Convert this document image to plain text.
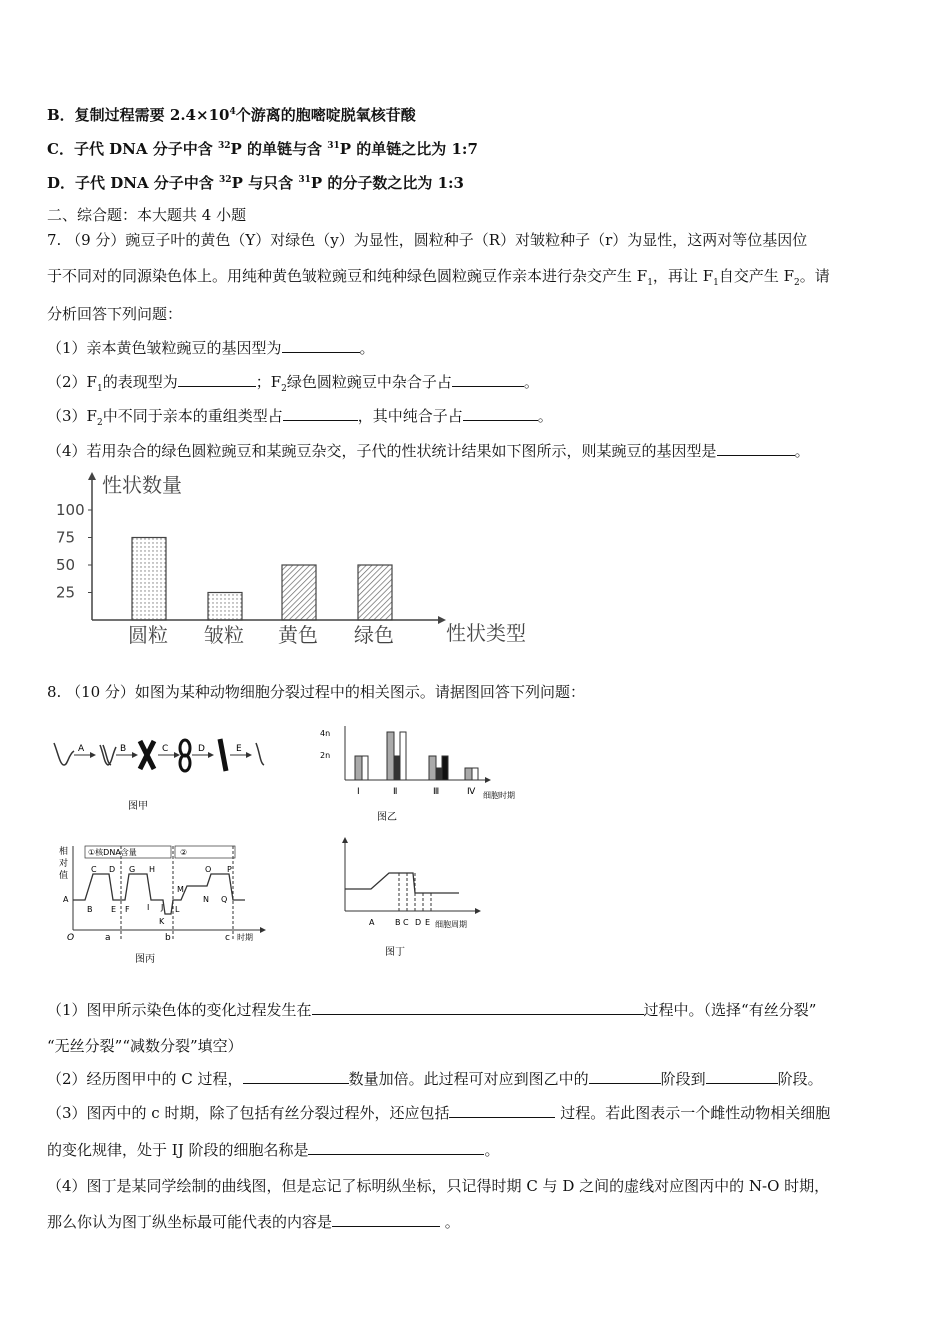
B．复制过程需要 $2.4\times 10^4$个游离的胞嘧啶脱氧核苷酸
C．子代 DNA 分子中含 $^{32}$P 的单链与含 $^{31}$P 的单链之比为 1:7
D．子代 DNA 分子中含 $^{32}$P 与只含 $^{31}$P 的分子数之比为 1:3
二、综合题：本大题共 4 小题
7. （9 分）豌豆子叶的黄色（Y）对绿色（y）为显性，圆粒种子（R）对皱粒种子（r）为显性，这两对等位基因位
于不同对的同源染色体上。用纯种黄色皱粒豌豆和纯种绿色圆粒豌豆作亲本进行杂交产生 $F_1$，再让 $F_1$自交产生 $F_2$。请
分析回答下列问题：
（1）亲本黄色皱粒豌豆的基因型为	。
$(2)F_1$的表现型为	；$F_2$绿色圆粒豌豆中杂合子占	。
$(3)F_2$中不同于亲本的重组类型占	，其中纯合子占	。
（4）若用杂合的绿色圆粒豌豆和某豌豆杂交，子代的性状统计结果如下图所示，则某豌豆的基因型是	。
性状数量
性状类型
100
75
50
25
圆粒 皱粒 黄色 绿色
8. （10 分）如图为某种动物细胞分裂过程中的相关图示。请据图回答下列问题：
A	B	C	D	E
图甲
4n
2n
Ⅰ	Ⅱ	Ⅲ	Ⅳ 细胞时期
图乙
相
对
值
①核DNA含量	②
A
B
C D
E F
G H
I J
K
L
M
N
O P
Q
O	a	b	c 时期
图丙
A	B C D E 细胞周期
图丁
（1）图甲所示染色体的变化过程发生在	过程中。（选择“有丝分裂”
“无丝分裂”“减数分裂”填空）
（2）经历图甲中的 C 过程，	数量加倍。此过程可对应到图乙中的	阶段到	阶段。
（3）图丙中的 c 时期，除了包括有丝分裂过程外，还应包括	过程。若此图表示一个雌性动物相关细胞
的变化规律，处于 IJ 阶段的细胞名称是	。
（4）图丁是某同学绘制的曲线图，但是忘记了标明纵坐标，只记得时期 C 与 D 之间的虚线对应图丙中的 N-O 时期，
那么你认为图丁纵坐标最可能代表的内容是	。
